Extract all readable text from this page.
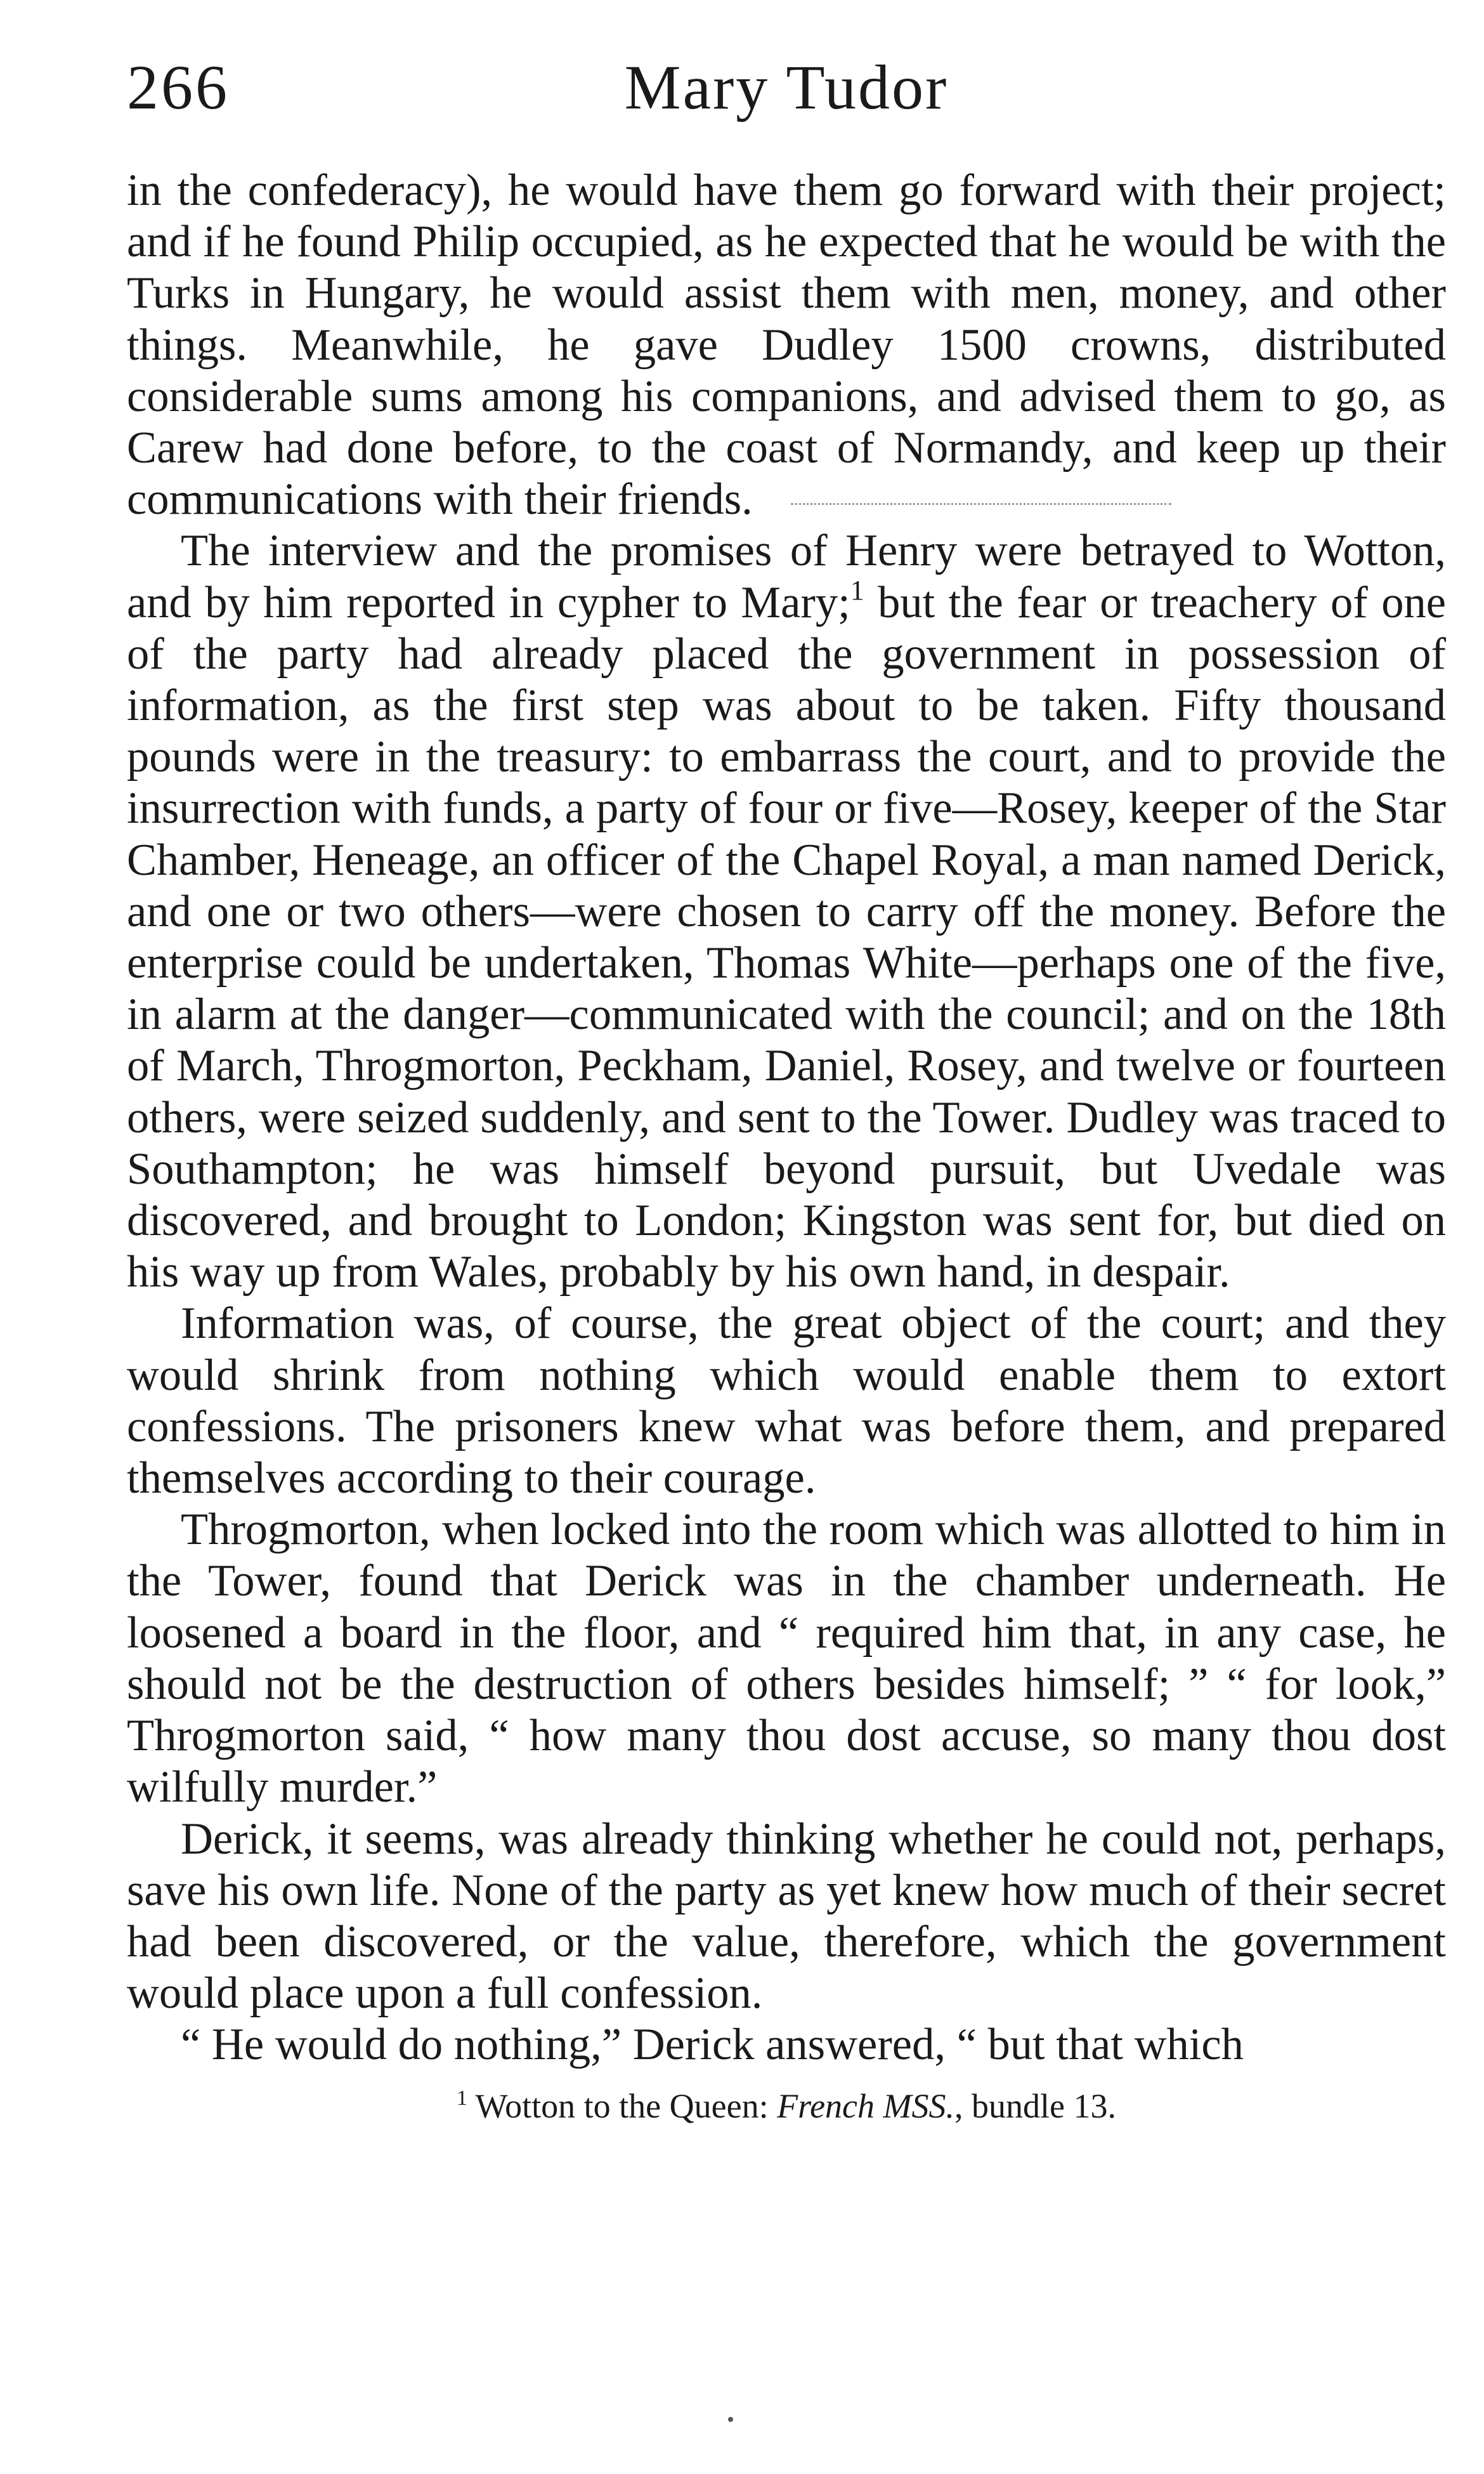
266	Mary Tudor

in the confederacy), he would have them go forward with their project; and if he found Philip occupied, as he expected that he would be with the Turks in Hungary, he would assist them with men, money, and other things. Meanwhile, he gave Dudley 1500 crowns, distributed considerable sums among his companions, and advised them to go, as Carew had done before, to the coast of Normandy, and keep up their communications with their friends.

The interview and the promises of Henry were betrayed to Wotton, and by him reported in cypher to Mary;$^1$ but the fear or treachery of one of the party had already placed the government in possession of information, as the first step was about to be taken. Fifty thousand pounds were in the treasury: to embarrass the court, and to provide the insurrection with funds, a party of four or five—Rosey, keeper of the Star Chamber, Heneage, an officer of the Chapel Royal, a man named Derick, and one or two others—were chosen to carry off the money. Before the enterprise could be undertaken, Thomas White—perhaps one of the five, in alarm at the danger—communicated with the council; and on the 18th of March, Throgmorton, Peckham, Daniel, Rosey, and twelve or fourteen others, were seized suddenly, and sent to the Tower. Dudley was traced to Southampton; he was himself beyond pursuit, but Uvedale was discovered, and brought to London; Kingston was sent for, but died on his way up from Wales, probably by his own hand, in despair.

Information was, of course, the great object of the court; and they would shrink from nothing which would enable them to extort confessions. The prisoners knew what was before them, and prepared themselves according to their courage.

Throgmorton, when locked into the room which was allotted to him in the Tower, found that Derick was in the chamber underneath. He loosened a board in the floor, and “ required him that, in any case, he should not be the destruction of others besides himself; ” “ for look,” Throgmorton said, “ how many thou dost accuse, so many thou dost wilfully murder.”

Derick, it seems, was already thinking whether he could not, perhaps, save his own life. None of the party as yet knew how much of their secret had been discovered, or the value, therefore, which the government would place upon a full confession.

“ He would do nothing,” Derick answered, “ but that which

$^1$ Wotton to the Queen: French MSS., bundle 13.
